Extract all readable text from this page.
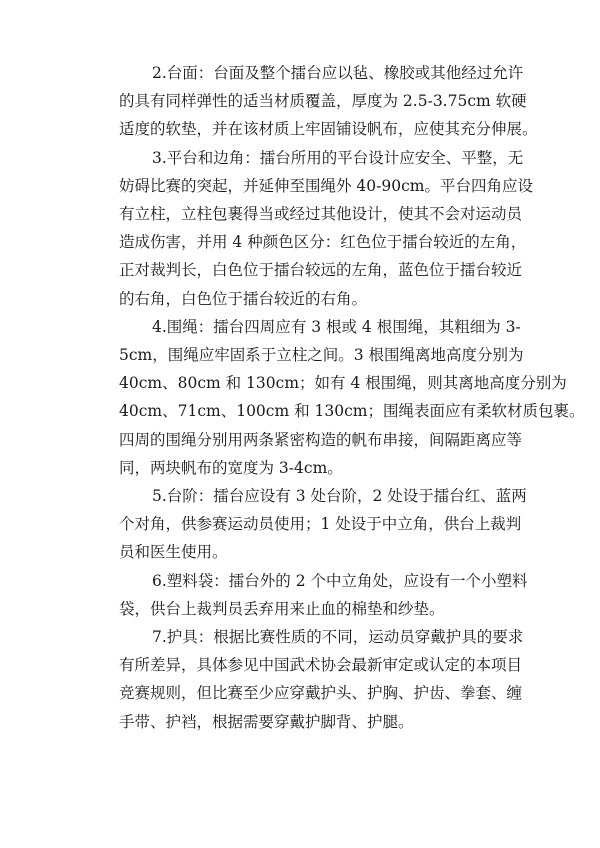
2.台面：台面及整个擂台应以毡、橡胶或其他经过允许
的具有同样弹性的适当材质覆盖，厚度为 2.5-3.75cm 软硬
适度的软垫，并在该材质上牢固铺设帆布，应使其充分伸展。
3.平台和边角：擂台所用的平台设计应安全、平整，无
妨碍比赛的突起，并延伸至围绳外 40-90cm。平台四角应设
有立柱，立柱包裹得当或经过其他设计，使其不会对运动员
造成伤害，并用 4 种颜色区分：红色位于擂台较近的左角，
正对裁判长，白色位于擂台较远的左角，蓝色位于擂台较近
的右角，白色位于擂台较近的右角。
4.围绳：擂台四周应有 3 根或 4 根围绳，其粗细为 3-
5cm，围绳应牢固系于立柱之间。3 根围绳离地高度分别为
40cm、80cm 和 130cm；如有 4 根围绳，则其离地高度分别为
40cm、71cm、100cm 和 130cm；围绳表面应有柔软材质包裹。
四周的围绳分别用两条紧密构造的帆布串接，间隔距离应等
同，两块帆布的宽度为 3-4cm。
5.台阶：擂台应设有 3 处台阶，2 处设于擂台红、蓝两
个对角，供参赛运动员使用；1 处设于中立角，供台上裁判
员和医生使用。
6.塑料袋：擂台外的 2 个中立角处，应设有一个小塑料
袋，供台上裁判员丢弃用来止血的棉垫和纱垫。
7.护具：根据比赛性质的不同，运动员穿戴护具的要求
有所差异，具体参见中国武术协会最新审定或认定的本项目
竞赛规则，但比赛至少应穿戴护头、护胸、护齿、拳套、缠
手带、护裆，根据需要穿戴护脚背、护腿。
